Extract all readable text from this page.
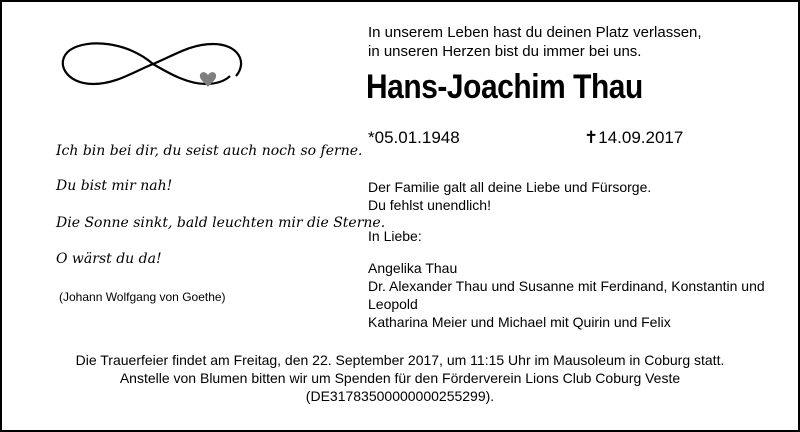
In unserem Leben hast du deinen Platz verlassen,
in unseren Herzen bist du immer bei uns.
Hans-Joachim Thau
*05.01.1948	✝14.09.2017
Ich bin bei dir, du seist auch noch so ferne.
Du bist mir nah!
Die Sonne sinkt, bald leuchten mir die Sterne.
O wärst du da!
(Johann Wolfgang von Goethe)
Der Familie galt all deine Liebe und Fürsorge.
Du fehlst unendlich!
In Liebe:
Angelika Thau
Dr. Alexander Thau und Susanne mit Ferdinand, Konstantin und
Leopold
Katharina Meier und Michael mit Quirin und Felix
Die Trauerfeier findet am Freitag, den 22. September 2017, um 11:15 Uhr im Mausoleum in Coburg statt.
Anstelle von Blumen bitten wir um Spenden für den Förderverein Lions Club Coburg Veste
(DE31783500000000255299).
